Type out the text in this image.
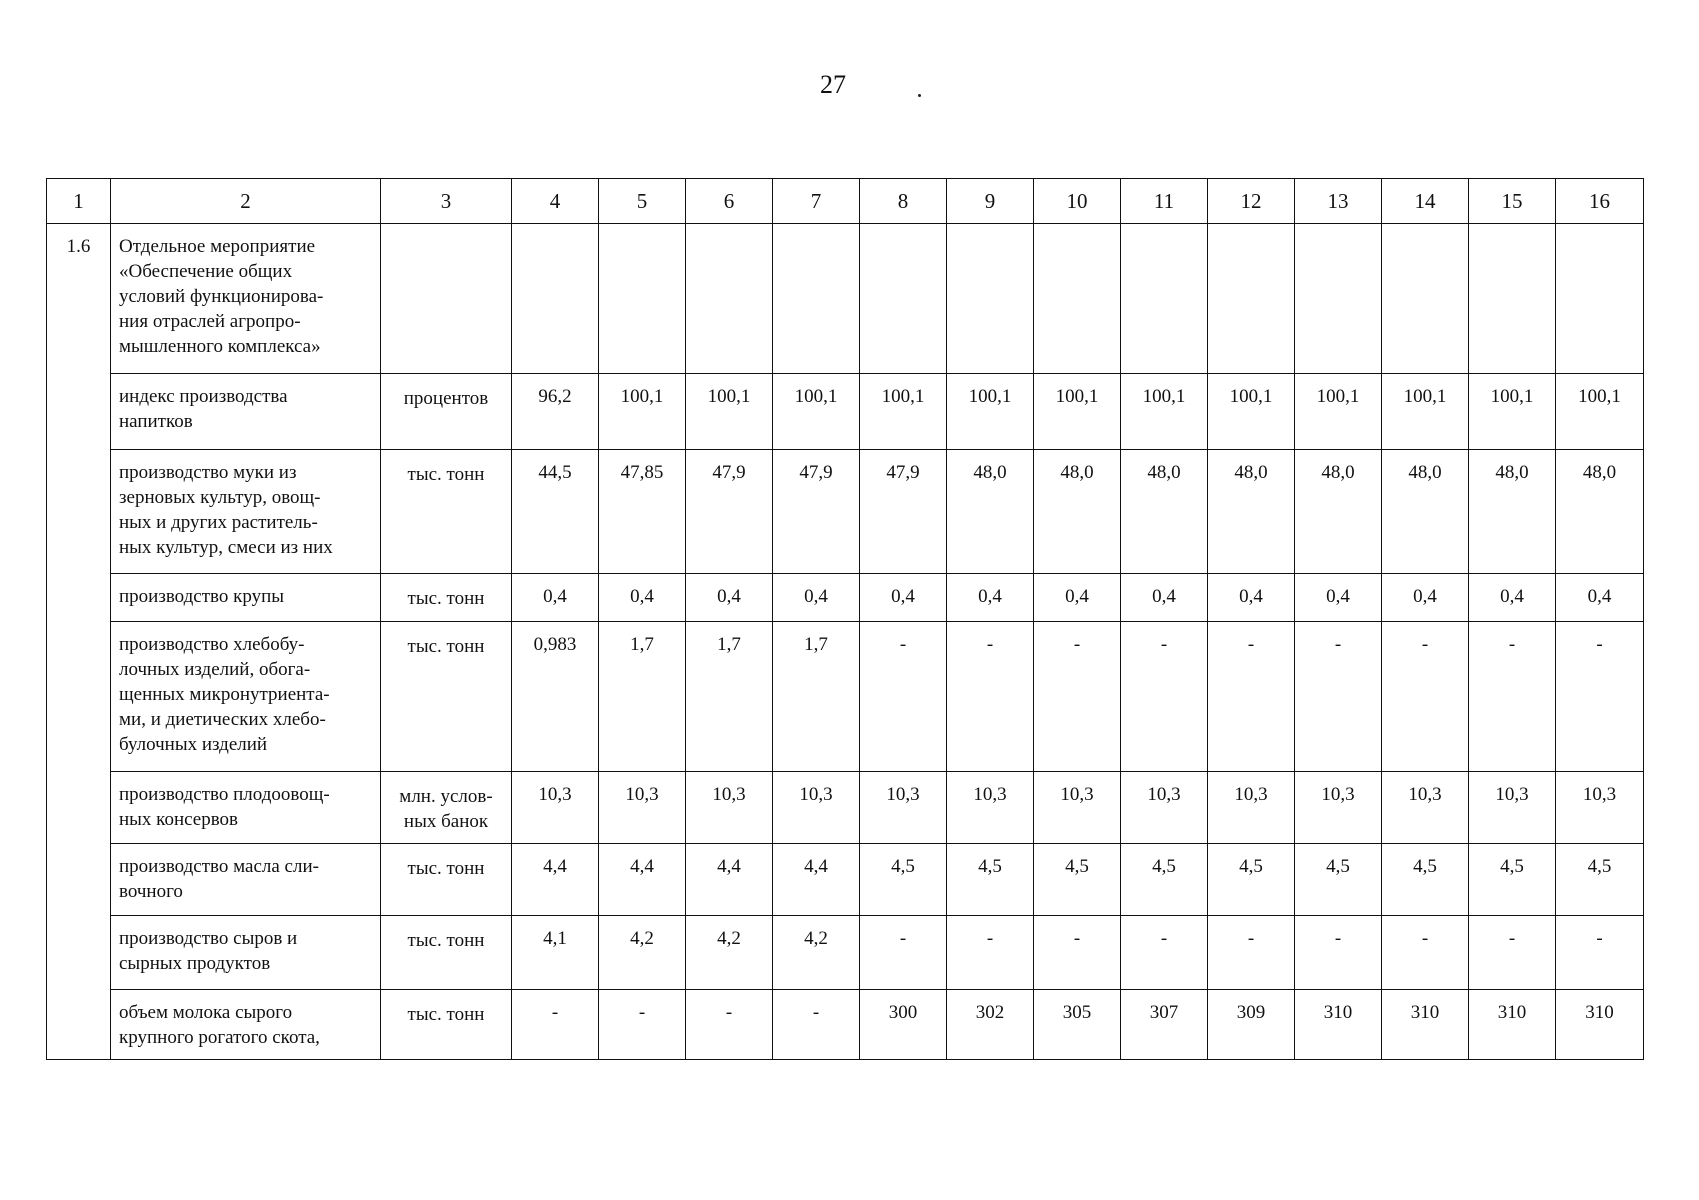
27
1	2	3	4	5	6	7	8	9	10	11	12	13	14	15	16
1.6	Отдельное мероприятие
«Обеспечение общих
условий функционирова-
ния отраслей агропро-
мышленного комплекса»														
	индекс производства
напитков	процентов	96,2	100,1	100,1	100,1	100,1	100,1	100,1	100,1	100,1	100,1	100,1	100,1	100,1
	производство муки из
зерновых культур, овощ-
ных и других раститель-
ных культур, смеси из них	тыс. тонн	44,5	47,85	47,9	47,9	47,9	48,0	48,0	48,0	48,0	48,0	48,0	48,0	48,0
	производство крупы	тыс. тонн	0,4	0,4	0,4	0,4	0,4	0,4	0,4	0,4	0,4	0,4	0,4	0,4	0,4
	производство хлебобу-
лочных изделий, обога-
щенных микронутриента-
ми, и диетических хлебо-
булочных изделий	тыс. тонн	0,983	1,7	1,7	1,7	-	-	-	-	-	-	-	-	-
	производство плодоовощ-
ных консервов	млн. услов-
ных банок	10,3	10,3	10,3	10,3	10,3	10,3	10,3	10,3	10,3	10,3	10,3	10,3	10,3
	производство масла сли-
вочного	тыс. тонн	4,4	4,4	4,4	4,4	4,5	4,5	4,5	4,5	4,5	4,5	4,5	4,5	4,5
	производство сыров и
сырных продуктов	тыс. тонн	4,1	4,2	4,2	4,2	-	-	-	-	-	-	-	-	-
	объем молока сырого
крупного рогатого скота,	тыс. тонн	-	-	-	-	300	302	305	307	309	310	310	310	310
